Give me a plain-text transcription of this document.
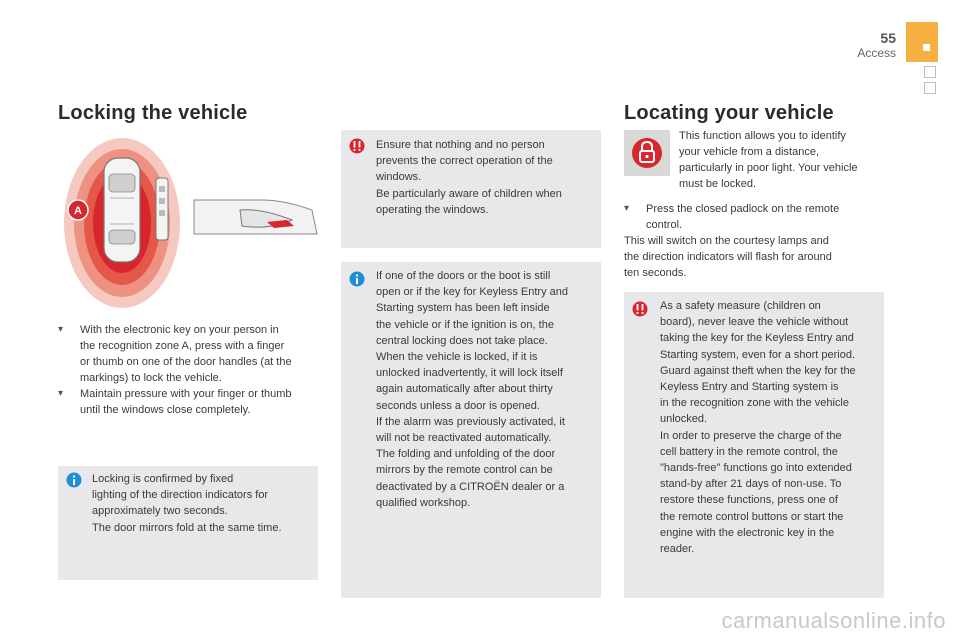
55
Access
Locking the vehicle
A
▾ With the electronic key on your person in
the recognition zone A, press with a finger
or thumb on one of the door handles (at the
markings) to lock the vehicle.
▾ Maintain pressure with your finger or thumb
until the windows close completely.
Locking is confirmed by fixed
lighting of the direction indicators for
approximately two seconds.
The door mirrors fold at the same time.
Ensure that nothing and no person
prevents the correct operation of the
windows.
Be particularly aware of children when
operating the windows.
If one of the doors or the boot is still
open or if the key for Keyless Entry and
Starting system has been left inside
the vehicle or if the ignition is on, the
central locking does not take place.
When the vehicle is locked, if it is
unlocked inadvertently, it will lock itself
again automatically after about thirty
seconds unless a door is opened.
If the alarm was previously activated, it
will not be reactivated automatically.
The folding and unfolding of the door
mirrors by the remote control can be
deactivated by a CITROËN dealer or a
qualified workshop.
Locating your vehicle
This function allows you to identify
your vehicle from a distance,
particularly in poor light. Your vehicle
must be locked.
▾ Press the closed padlock on the remote
control.
This will switch on the courtesy lamps and
the direction indicators will flash for around
ten seconds.
As a safety measure (children on
board), never leave the vehicle without
taking the key for the Keyless Entry and
Starting system, even for a short period.
Guard against theft when the key for the
Keyless Entry and Starting system is
in the recognition zone with the vehicle
unlocked.
In order to preserve the charge of the
cell battery in the remote control, the
"hands-free" functions go into extended
stand-by after 21 days of non-use. To
restore these functions, press one of
the remote control buttons or start the
engine with the electronic key in the
reader.
carmanualsonline.info
